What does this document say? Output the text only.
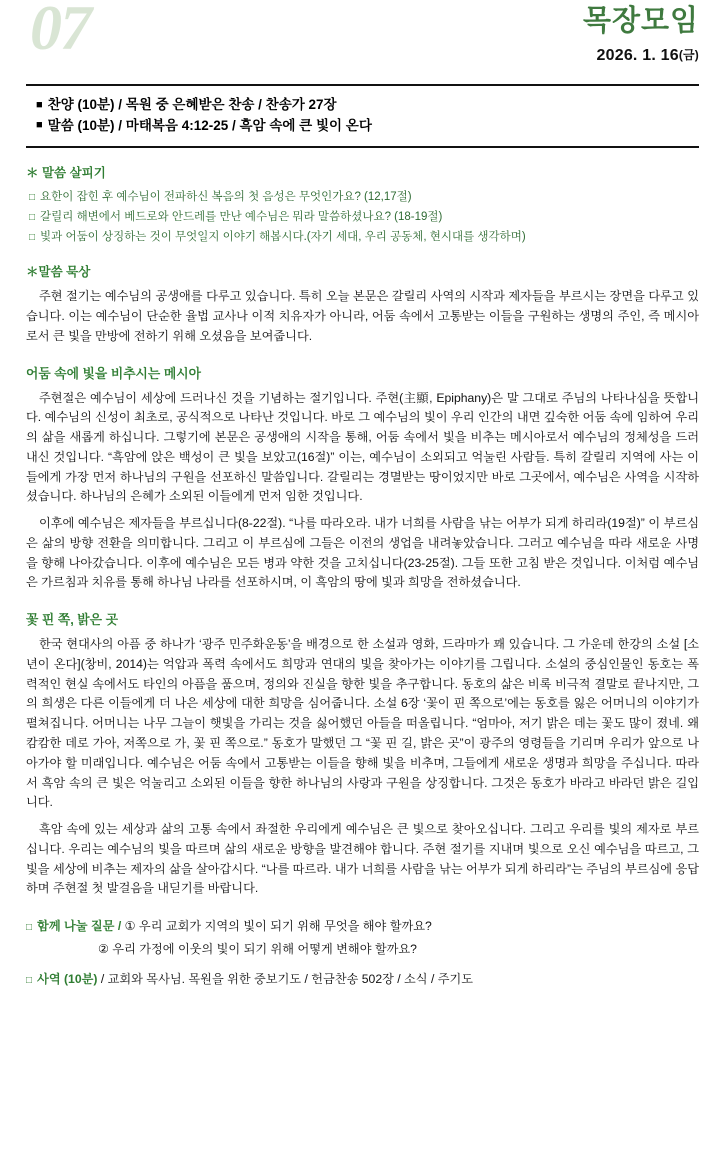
07	목장모임
2026. 1. 16(금)
■ 찬양 (10분) / 목원 중 은혜받은 찬송 / 찬송가 27장
■ 말씀 (10분) / 마태복음 4:12-25 / 흑암 속에 큰 빛이 온다
＊ 말씀 살피기
□ 요한이 잡힌 후 예수님이 전파하신 복음의 첫 음성은 무엇인가요? (12,17절)
□ 갈릴리 해변에서 베드로와 안드레를 만난 예수님은 뭐라 말씀하셨나요? (18-19절)
□ 빛과 어둠이 상징하는 것이 무엇일지 이야기 해봅시다.(자기 세대, 우리 공동체, 현시대를 생각하며)
＊말씀 묵상
주현 절기는 예수님의 공생애를 다루고 있습니다. 특히 오늘 본문은 갈릴리 사역의 시작과 제자들을 부르시는 장면을 다루고 있습니다. 이는 예수님이 단순한 율법 교사나 이적 치유자가 아니라, 어둠 속에서 고통받는 이들을 구원하는 생명의 주인, 즉 메시아로서 큰 빛을 만방에 전하기 위해 오셨음을 보여줍니다.
어둠 속에 빛을 비추시는 메시아
주현절은 예수님이 세상에 드러나신 것을 기념하는 절기입니다. 주현(主顯, Epiphany)은 말 그대로 주님의 나타나심을 뜻합니다. 예수님의 신성이 최초로, 공식적으로 나타난 것입니다. 바로 그 예수님의 빛이 우리 인간의 내면 깊숙한 어둠 속에 임하여 우리의 삶을 새롭게 하십니다. 그렇기에 본문은 공생애의 시작을 통해, 어둠 속에서 빛을 비추는 메시아로서 예수님의 정체성을 드러내신 것입니다. “흑암에 앉은 백성이 큰 빛을 보았고(16절)” 이는, 예수님이 소외되고 억눌린 사람들. 특히 갈릴리 지역에 사는 이들에게 가장 먼저 하나님의 구원을 선포하신 말씀입니다. 갈릴리는 경멸받는 땅이었지만 바로 그곳에서, 예수님은 사역을 시작하셨습니다. 하나님의 은혜가 소외된 이들에게 먼저 임한 것입니다.
이후에 예수님은 제자들을 부르십니다(8-22절). “나를 따라오라. 내가 너희를 사람을 낚는 어부가 되게 하리라(19절)” 이 부르심은 삶의 방향 전환을 의미합니다. 그리고 이 부르심에 그들은 이전의 생업을 내려놓았습니다. 그러고 예수님을 따라 새로운 사명을 향해 나아갔습니다. 이후에 예수님은 모든 병과 약한 것을 고치십니다(23-25절). 그들 또한 고침 받은 것입니다. 이처럼 예수님은 가르침과 치유를 통해 하나님 나라를 선포하시며, 이 흑암의 땅에 빛과 희망을 전하셨습니다.
꽃 핀 쪽, 밝은 곳
한국 현대사의 아픔 중 하나가 ‘광주 민주화운동’을 배경으로 한 소설과 영화, 드라마가 꽤 있습니다. 그 가운데 한강의 소설 [소년이 온다](창비, 2014)는 억압과 폭력 속에서도 희망과 연대의 빛을 찾아가는 이야기를 그립니다. 소설의 중심인물인 동호는 폭력적인 현실 속에서도 타인의 아픔을 품으며, 정의와 진실을 향한 빛을 추구합니다. 동호의 삶은 비록 비극적 결말로 끝나지만, 그의 희생은 다른 이들에게 더 나은 세상에 대한 희망을 심어줍니다. 소설 6장 ‘꽃이 핀 쪽으로’에는 동호를 잃은 어머니의 이야기가 펼쳐집니다. 어머니는 나무 그늘이 햇빛을 가리는 것을 싫어했던 아들을 떠올립니다. “엄마아, 저기 밝은 데는 꽃도 많이 졌네. 왜 캄캄한 데로 가아, 저쪽으로 가, 꽃 핀 쪽으로.” 동호가 말했던 그 “꽃 핀 길, 밝은 곳”이 광주의 영령들을 기리며 우리가 앞으로 나아가야 할 미래입니다. 예수님은 어둠 속에서 고통받는 이들을 향해 빛을 비추며, 그들에게 새로운 생명과 희망을 주십니다. 따라서 흑암 속의 큰 빛은 억눌리고 소외된 이들을 향한 하나님의 사랑과 구원을 상징합니다. 그것은 동호가 바라고 바라던 밝은 길입니다.
흑암 속에 있는 세상과 삶의 고통 속에서 좌절한 우리에게 예수님은 큰 빛으로 찾아오십니다. 그리고 우리를 빛의 제자로 부르십니다. 우리는 예수님의 빛을 따르며 삶의 새로운 방향을 발견해야 합니다. 주현 절기를 지내며 빛으로 오신 예수님을 따르고, 그 빛을 세상에 비추는 제자의 삶을 살아갑시다. “나를 따르라. 내가 너희를 사람을 낚는 어부가 되게 하리라”는 주님의 부르심에 응답하며 주현절 첫 발걸음을 내딛기를 바랍니다.
□ 함께 나눌 질문 / ① 우리 교회가 지역의 빛이 되기 위해 무엇을 해야 할까요?
② 우리 가정에 이웃의 빛이 되기 위해 어떻게 변해야 할까요?
□ 사역 (10분) / 교회와 목사님. 목원을 위한 중보기도 / 헌금찬송 502장 / 소식 / 주기도
